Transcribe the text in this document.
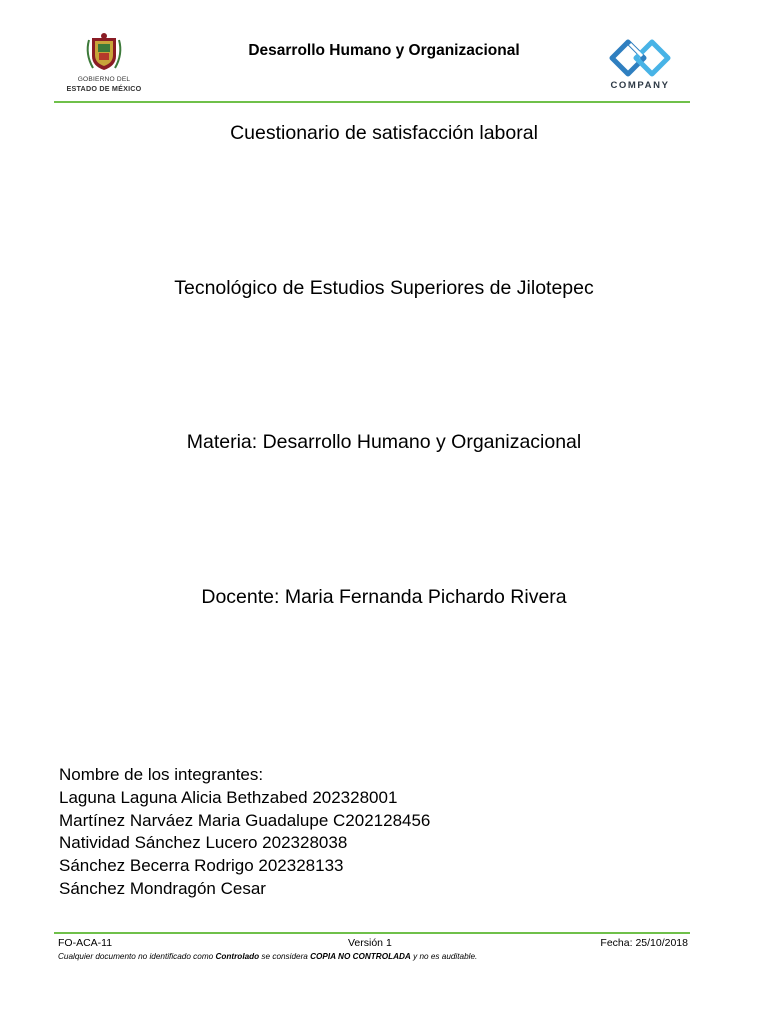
GOBIERNO DEL
ESTADO DE MÉXICO
Desarrollo Humano y Organizacional
COMPANY
Cuestionario de satisfacción laboral
Tecnológico de Estudios Superiores de Jilotepec
Materia: Desarrollo Humano y Organizacional
Docente: Maria Fernanda Pichardo Rivera
Nombre de los integrantes:
Laguna Laguna Alicia Bethzabed 202328001
Martínez Narváez Maria Guadalupe C202128456
Natividad Sánchez Lucero 202328038
Sánchez Becerra Rodrigo 202328133
Sánchez Mondragón Cesar
FO-ACA-11	Versión 1	Fecha: 25/10/2018
Cualquier documento no identificado como Controlado se considera COPIA NO CONTROLADA y no es auditable.
